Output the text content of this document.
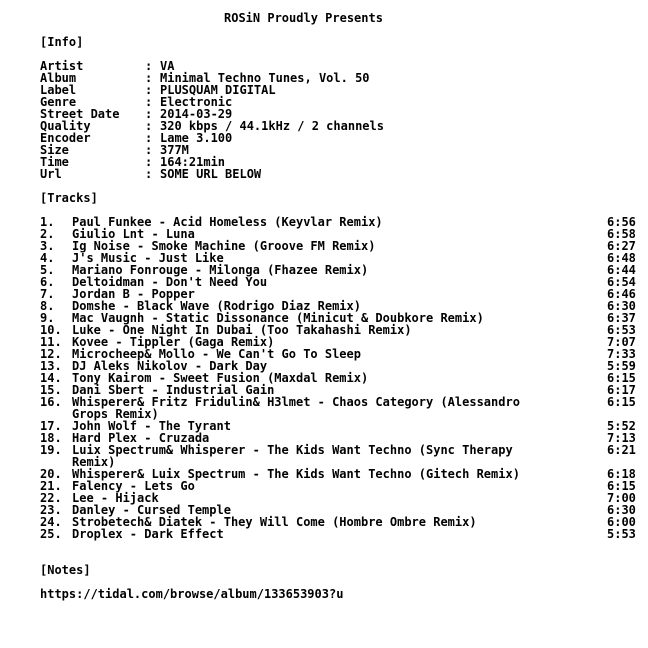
ROSiN Proudly Presents
[Info]
Artist	: VA
Album	: Minimal Techno Tunes, Vol. 50
Label	: PLUSQUAM DIGITAL
Genre	: Electronic
Street Date : 2014-03-29
Quality	: 320 kbps / 44.1kHz / 2 channels
Encoder	: Lame 3.100
Size	: 377M
Time	: 164:21min
Url	: SOME URL BELOW
[Tracks]
1. Paul Funkee - Acid Homeless (Keyvlar Remix)	6:56
2. Giulio Lnt - Luna	6:58
3. Ig Noise - Smoke Machine (Groove FM Remix)	6:27
4. J's Music - Just Like	6:48
5. Mariano Fonrouge - Milonga (Fhazee Remix)	6:44
6. Deltoidman - Don't Need You	6:54
7. Jordan B - Popper	6:46
8. Domshe - Black Wave (Rodrigo Diaz Remix)	6:30
9. Mac Vaugnh - Static Dissonance (Minicut & Doubkore Remix)	6:37
10. Luke - One Night In Dubai (Too Takahashi Remix)	6:53
11. Kovee - Tippler (Gaga Remix)	7:07
12. Microcheep& Mollo - We Can't Go To Sleep	7:33
13. DJ Aleks Nikolov - Dark Day	5:59
14. Tony Kairom - Sweet Fusion (Maxdal Remix)	6:15
15. Dani Sbert - Industrial Gain	6:17
16. Whisperer& Fritz Fridulin& H3lmet - Chaos Category (Alessandro	6:15
Grops Remix)
17. John Wolf - The Tyrant	5:52
18. Hard Plex - Cruzada	7:13
19. Luix Spectrum& Whisperer - The Kids Want Techno (Sync Therapy	6:21
Remix)
20. Whisperer& Luix Spectrum - The Kids Want Techno (Gitech Remix)	6:18
21. Falency - Lets Go	6:15
22. Lee - Hijack	7:00
23. Danley - Cursed Temple	6:30
24. Strobetech& Diatek - They Will Come (Hombre Ombre Remix)	6:00
25. Droplex - Dark Effect	5:53
[Notes]
https://tidal.com/browse/album/133653903?u
